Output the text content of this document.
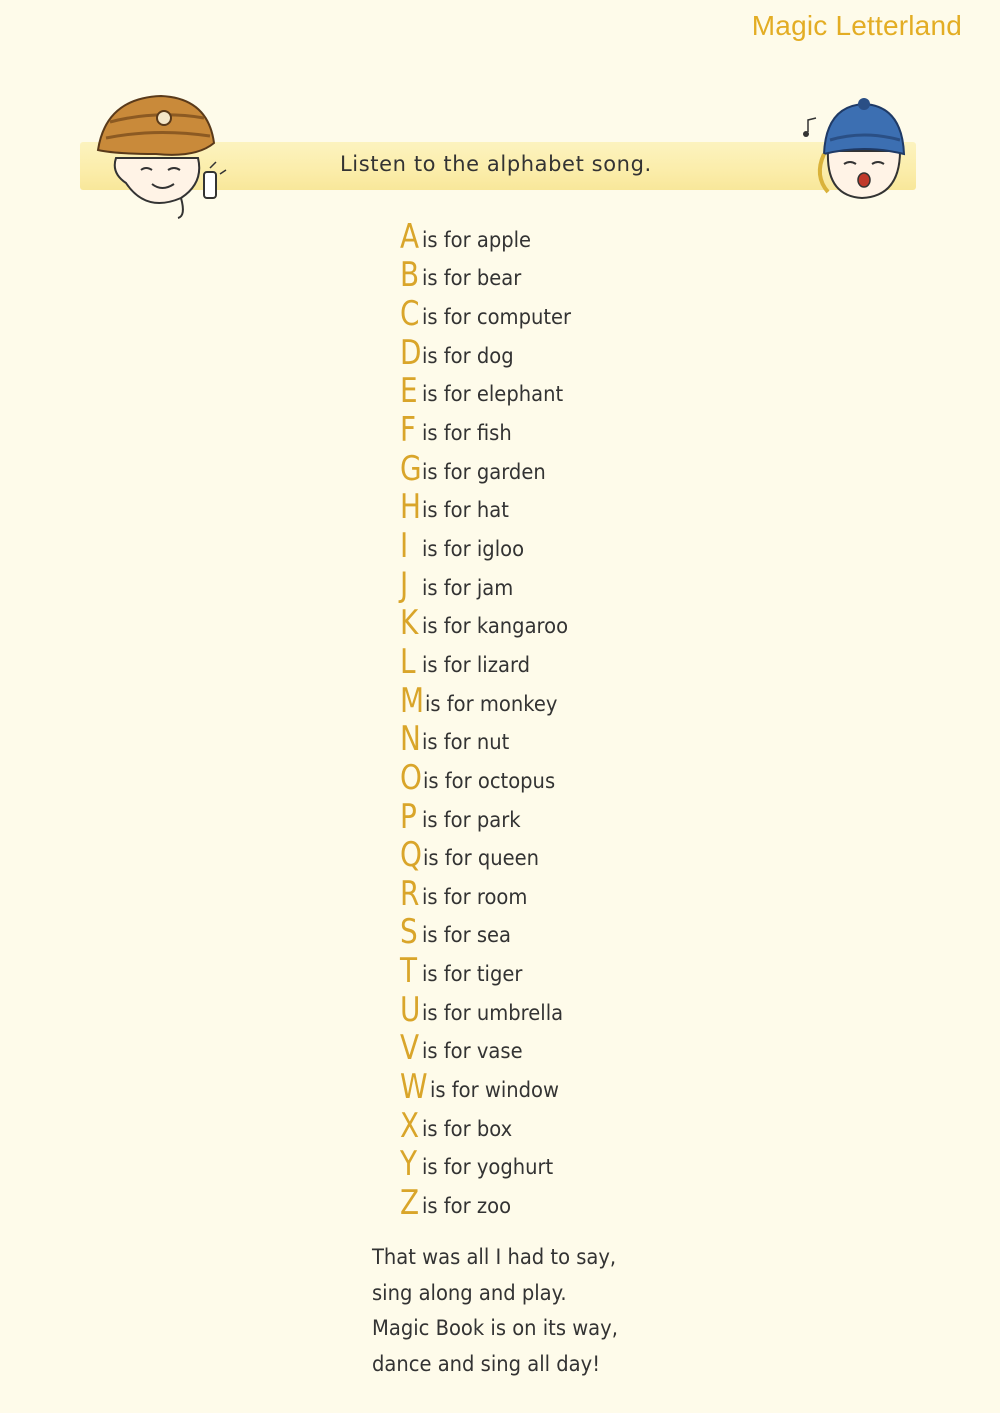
Magic Letterland
Listen to the alphabet song.
A is for apple
B is for bear
C is for computer
D is for dog
E is for elephant
F is for fish
G is for garden
H is for hat
I is for igloo
J is for jam
K is for kangaroo
L is for lizard
M is for monkey
N is for nut
O is for octopus
P is for park
Q is for queen
R is for room
S is for sea
T is for tiger
U is for umbrella
V is for vase
W is for window
X is for box
Y is for yoghurt
Z is for zoo
That was all I had to say,
sing along and play.
Magic Book is on its way,
dance and sing all day!
